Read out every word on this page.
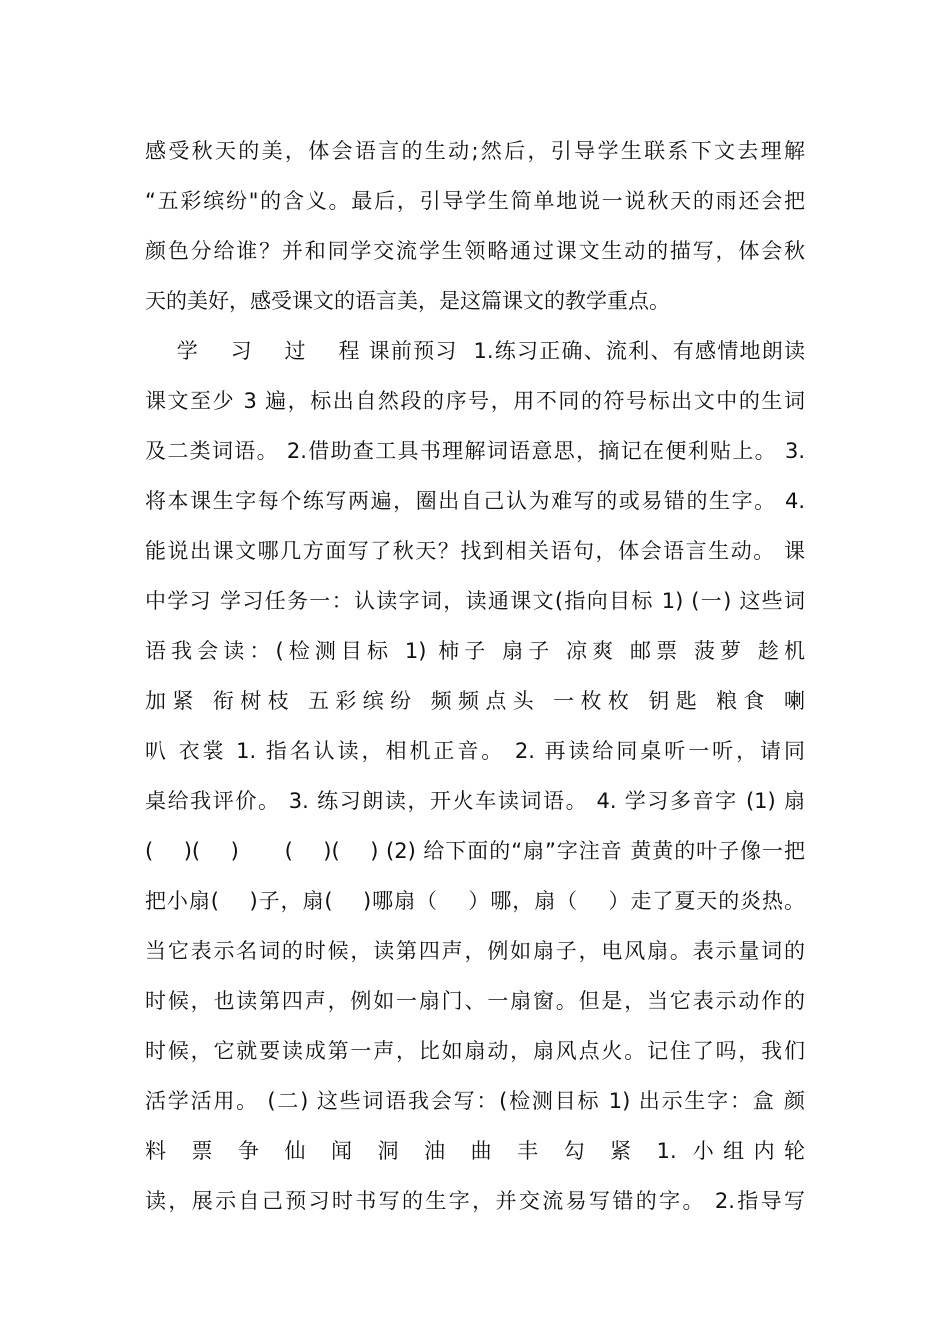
感受秋天的美，体会语言的生动;然后，引导学生联系下文去理解
“五彩缤纷"的含义。最后，引导学生简单地说一说秋天的雨还会把
颜色分给谁？并和同学交流学生领略通过课文生动的描写，体会秋
天的美好，感受课文的语言美，是这篇课文的教学重点。
学    习    过    程 课前预习  1.练习正确、流利、有感情地朗读
课文至少 3 遍，标出自然段的序号，用不同的符号标出文中的生词
及二类词语。 2.借助查工具书理解词语意思，摘记在便利贴上。 3.
将本课生字每个练写两遍，圈出自己认为难写的或易错的生字。 4.
能说出课文哪几方面写了秋天？找到相关语句，体会语言生动。 课
中学习 学习任务一：认读字词，读通课文(指向目标 1) (一) 这些词
语我会读：(检测目标 1) 柿子 扇子 凉爽 邮票 菠萝 趁机
加紧 衔树枝 五彩缤纷 频频点头 一枚枚 钥匙 粮食 喇
叭 衣裳 1. 指名认读，相机正音。 2. 再读给同桌听一听，请同
桌给我评价。 3. 练习朗读，开火车读词语。 4. 学习多音字 (1) 扇
(    )(    )      (    )(    ) (2) 给下面的“扇”字注音 黄黄的叶子像一把
把小扇(    )子，扇(    )哪扇（    ）哪，扇（    ）走了夏天的炎热。
当它表示名词的时候，读第四声，例如扇子，电风扇。表示量词的
时候，也读第四声，例如一扇门、一扇窗。但是，当它表示动作的
时候，它就要读成第一声，比如扇动，扇风点火。记住了吗，我们
活学活用。 (二) 这些词语我会写：(检测目标 1) 出示生字：盒 颜
料 票 争 仙 闻 洞 油 曲 丰 勾 紧 1. 小组内轮
读，展示自己预习时书写的生字，并交流易写错的字。 2.指导写
